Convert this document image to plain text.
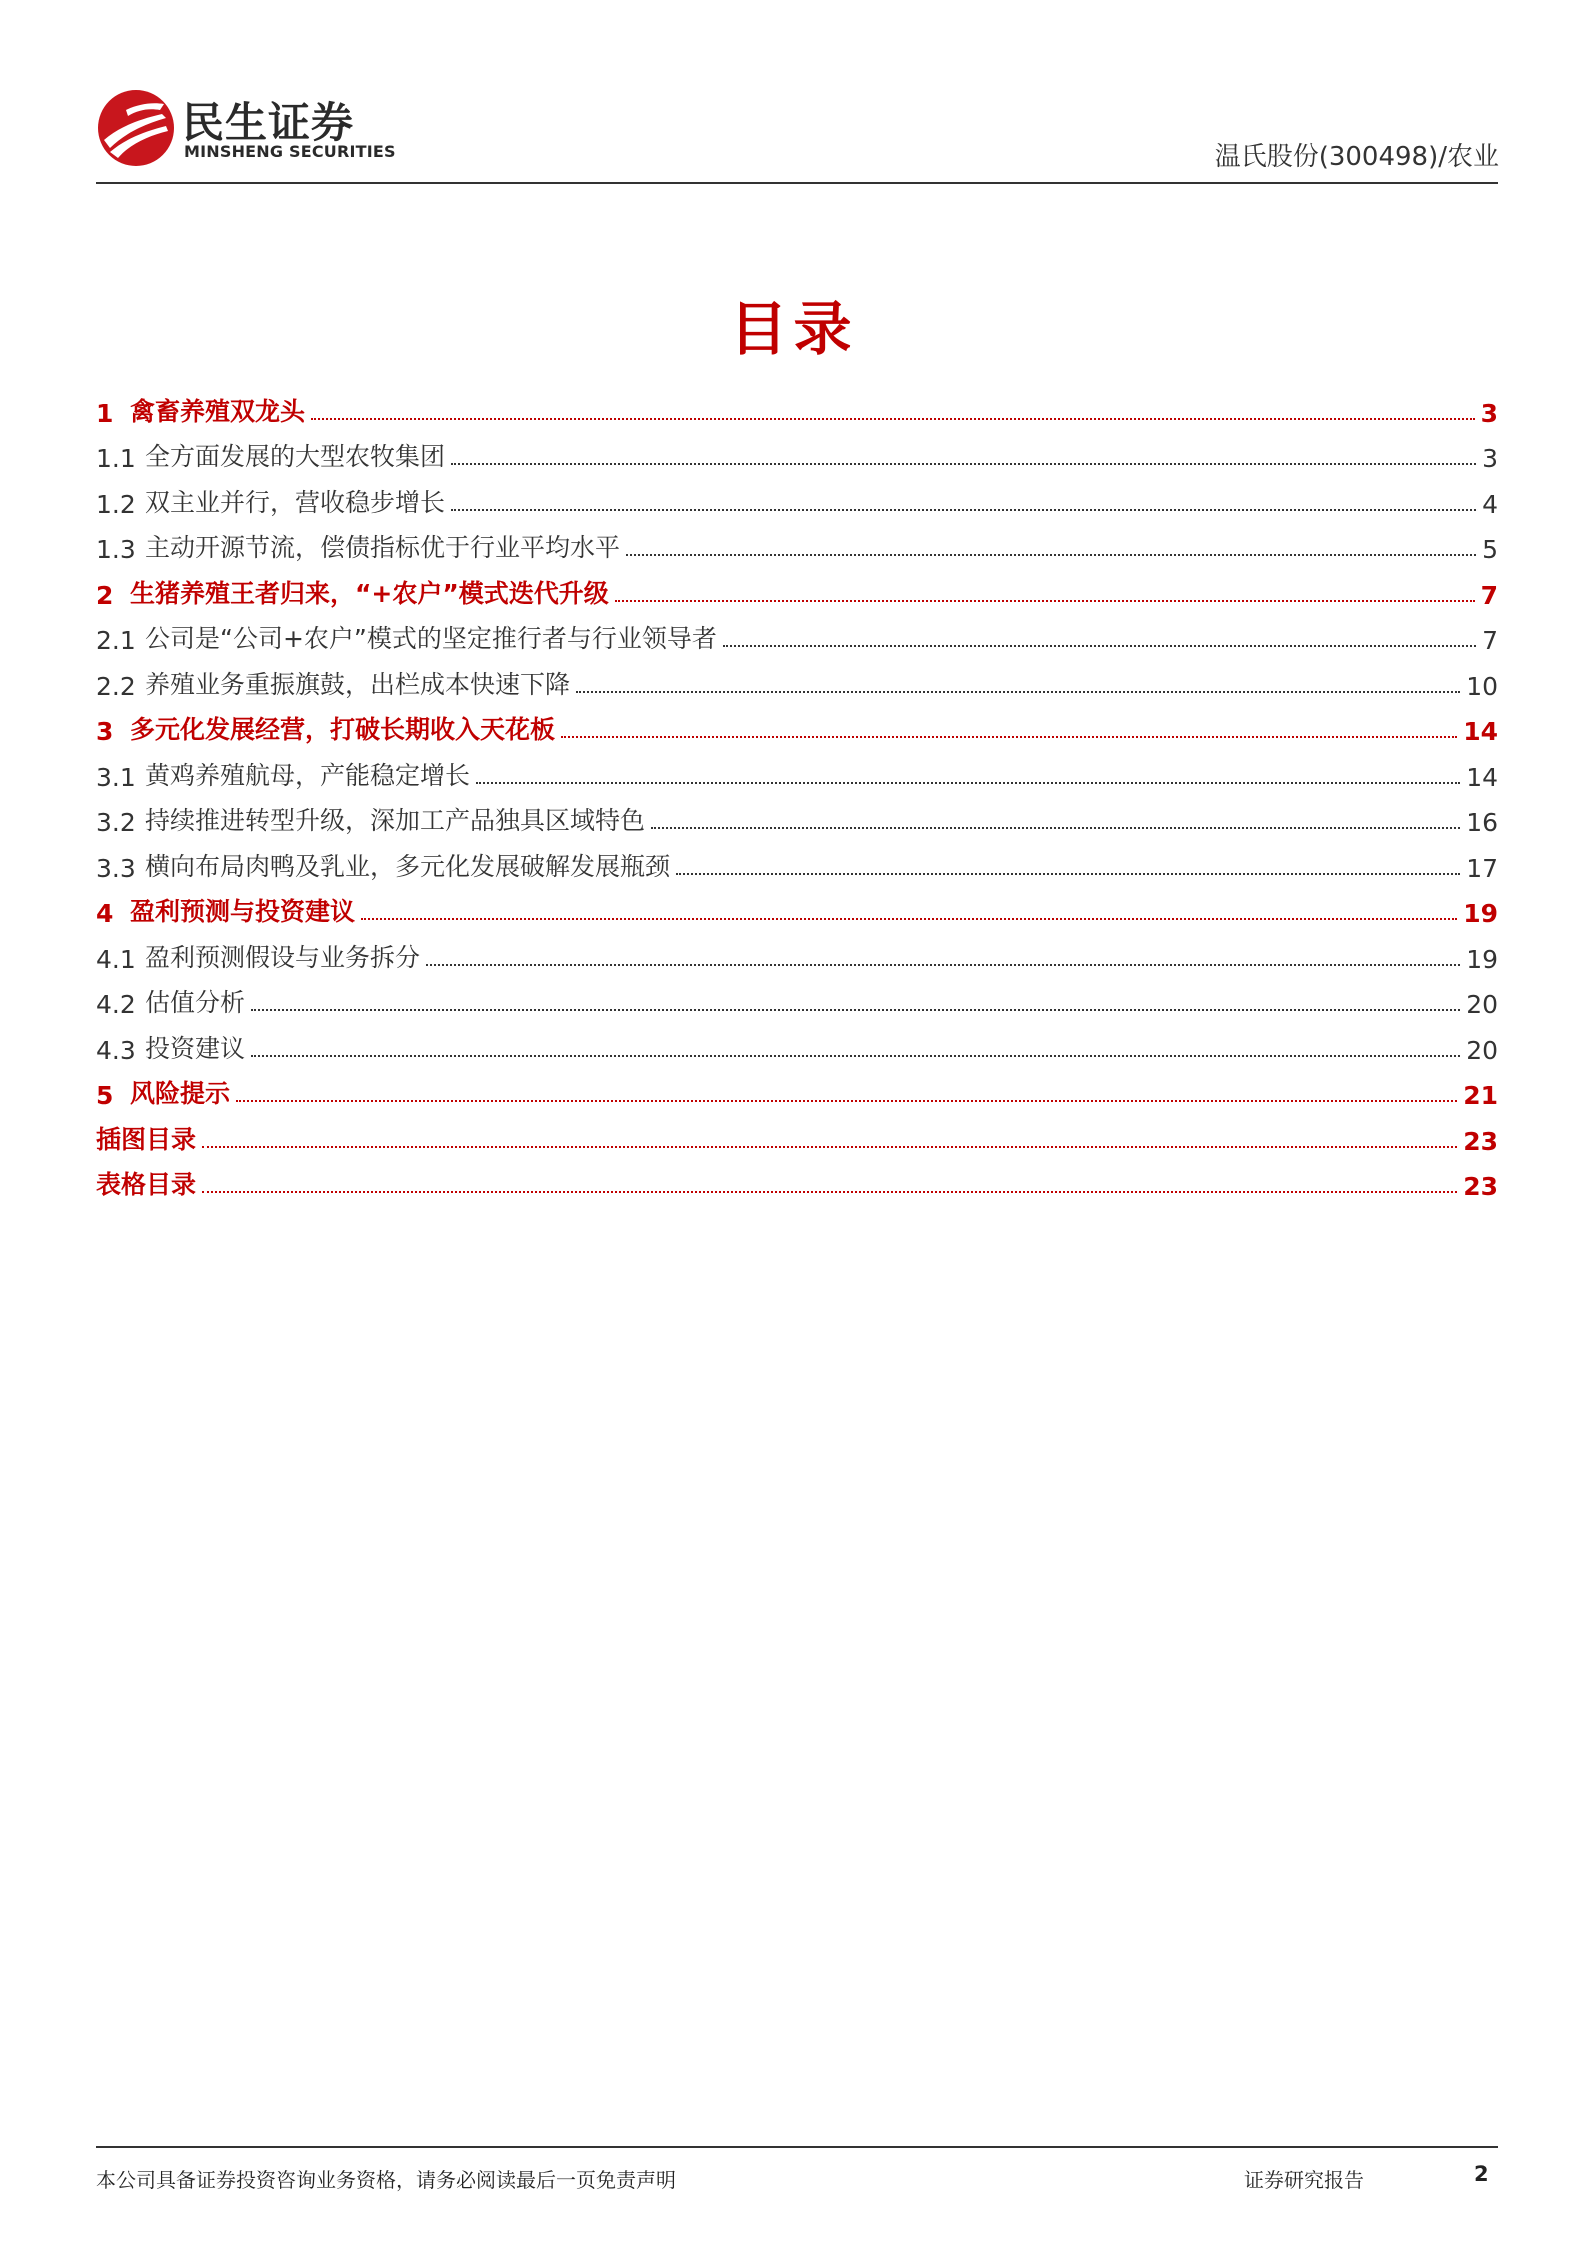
民生证券
MINSHENG SECURITIES	温氏股份(300498)/农业
目录
1 禽畜养殖双龙头	3
1.1 全方面发展的大型农牧集团	3
1.2 双主业并行，营收稳步增长	4
1.3 主动开源节流，偿债指标优于行业平均水平	5
2 生猪养殖王者归来，“+农户”模式迭代升级	7
2.1 公司是“公司+农户”模式的坚定推行者与行业领导者	7
2.2 养殖业务重振旗鼓，出栏成本快速下降	10
3 多元化发展经营，打破长期收入天花板	14
3.1 黄鸡养殖航母，产能稳定增长	14
3.2 持续推进转型升级，深加工产品独具区域特色	16
3.3 横向布局肉鸭及乳业，多元化发展破解发展瓶颈	17
4 盈利预测与投资建议	19
4.1 盈利预测假设与业务拆分	19
4.2 估值分析	20
4.3 投资建议	20
5 风险提示	21
插图目录	23
表格目录	23
本公司具备证券投资咨询业务资格，请务必阅读最后一页免责声明	证券研究报告	2
